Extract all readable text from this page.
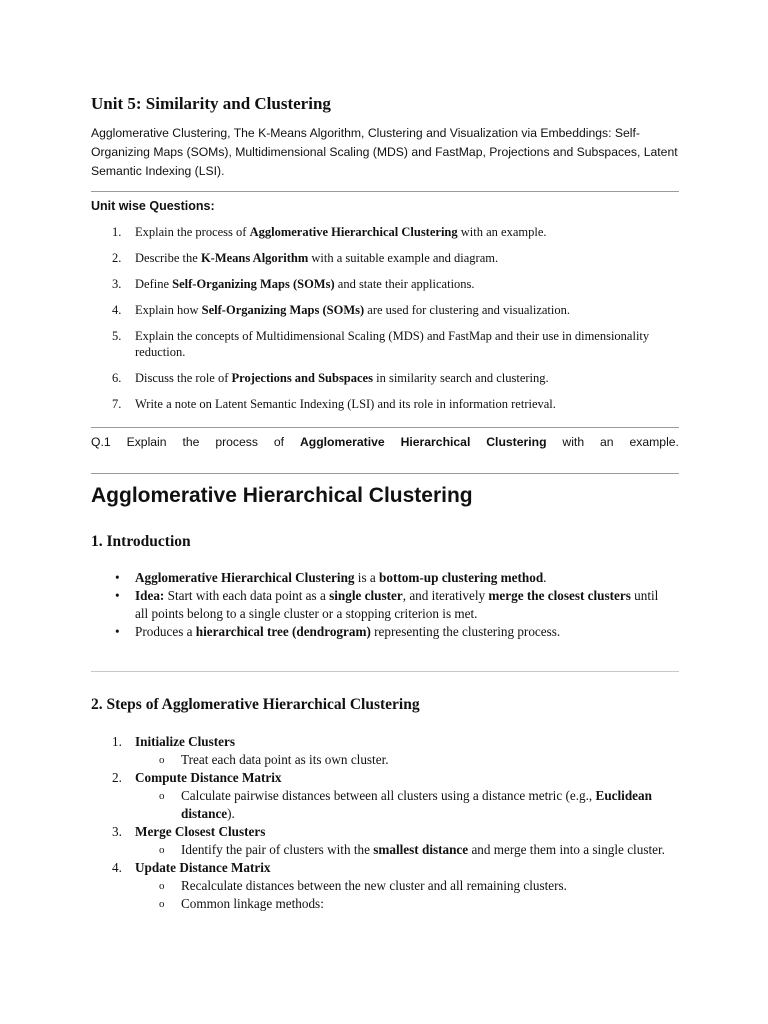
Unit 5: Similarity and Clustering

Agglomerative Clustering, The K-Means Algorithm, Clustering and Visualization via Embeddings: Self-Organizing Maps (SOMs), Multidimensional Scaling (MDS) and FastMap, Projections and Subspaces, Latent Semantic Indexing (LSI).

Unit wise Questions:

1. Explain the process of Agglomerative Hierarchical Clustering with an example.
2. Describe the K-Means Algorithm with a suitable example and diagram.
3. Define Self-Organizing Maps (SOMs) and state their applications.
4. Explain how Self-Organizing Maps (SOMs) are used for clustering and visualization.
5. Explain the concepts of Multidimensional Scaling (MDS) and FastMap and their use in dimensionality reduction.
6. Discuss the role of Projections and Subspaces in similarity search and clustering.
7. Write a note on Latent Semantic Indexing (LSI) and its role in information retrieval.
Q.1 Explain the process of Agglomerative Hierarchical Clustering with an example.
Agglomerative Hierarchical Clustering
1. Introduction
• Agglomerative Hierarchical Clustering is a bottom-up clustering method.
• Idea: Start with each data point as a single cluster, and iteratively merge the closest clusters until all points belong to a single cluster or a stopping criterion is met.
• Produces a hierarchical tree (dendrogram) representing the clustering process.
2. Steps of Agglomerative Hierarchical Clustering
1. Initialize Clusters
o Treat each data point as its own cluster.
2. Compute Distance Matrix
o Calculate pairwise distances between all clusters using a distance metric (e.g., Euclidean distance).
3. Merge Closest Clusters
o Identify the pair of clusters with the smallest distance and merge them into a single cluster.
4. Update Distance Matrix
o Recalculate distances between the new cluster and all remaining clusters.
o Common linkage methods:
